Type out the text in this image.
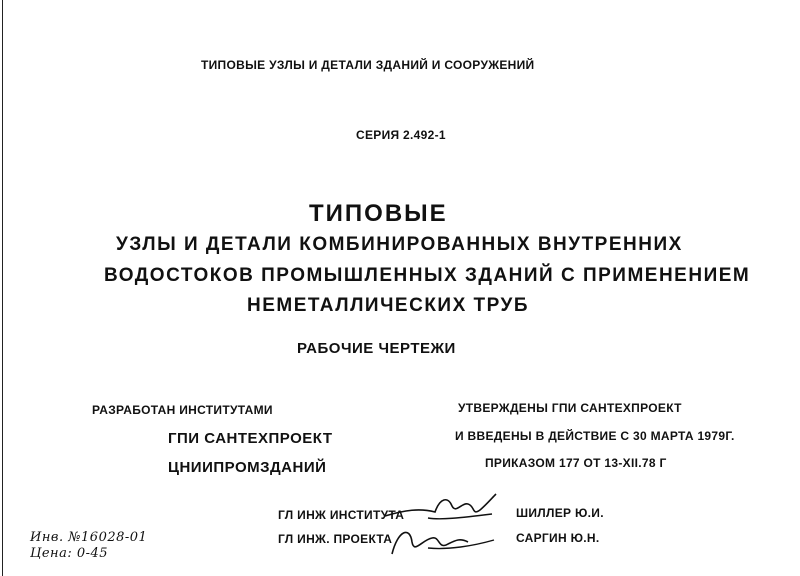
ТИПОВЫЕ УЗЛЫ И ДЕТАЛИ ЗДАНИЙ И СООРУЖЕНИЙ
СЕРИЯ 2.492-1
ТИПОВЫЕ
УЗЛЫ И ДЕТАЛИ КОМБИНИРОВАННЫХ ВНУТРЕННИХ
ВОДОСТОКОВ ПРОМЫШЛЕННЫХ ЗДАНИЙ С ПРИМЕНЕНИЕМ
НЕМЕТАЛЛИЧЕСКИХ ТРУБ
РАБОЧИЕ ЧЕРТЕЖИ
РАЗРАБОТАН ИНСТИТУТАМИ
ГПИ САНТЕХПРОЕКТ
ЦНИИПРОМЗДАНИЙ
УТВЕРЖДЕНЫ ГПИ САНТЕХПРОЕКТ
И ВВЕДЕНЫ В ДЕЙСТВИЕ С 30 МАРТА 1979Г.
ПРИКАЗОМ 177 ОТ 13-XII.78 Г
ГЛ ИНЖ ИНСТИТУТА
ГЛ ИНЖ. ПРОЕКТА
ШИЛЛЕР Ю.И.
САРГИН Ю.Н.
Инв. №16028-01
Цена: 0-45
